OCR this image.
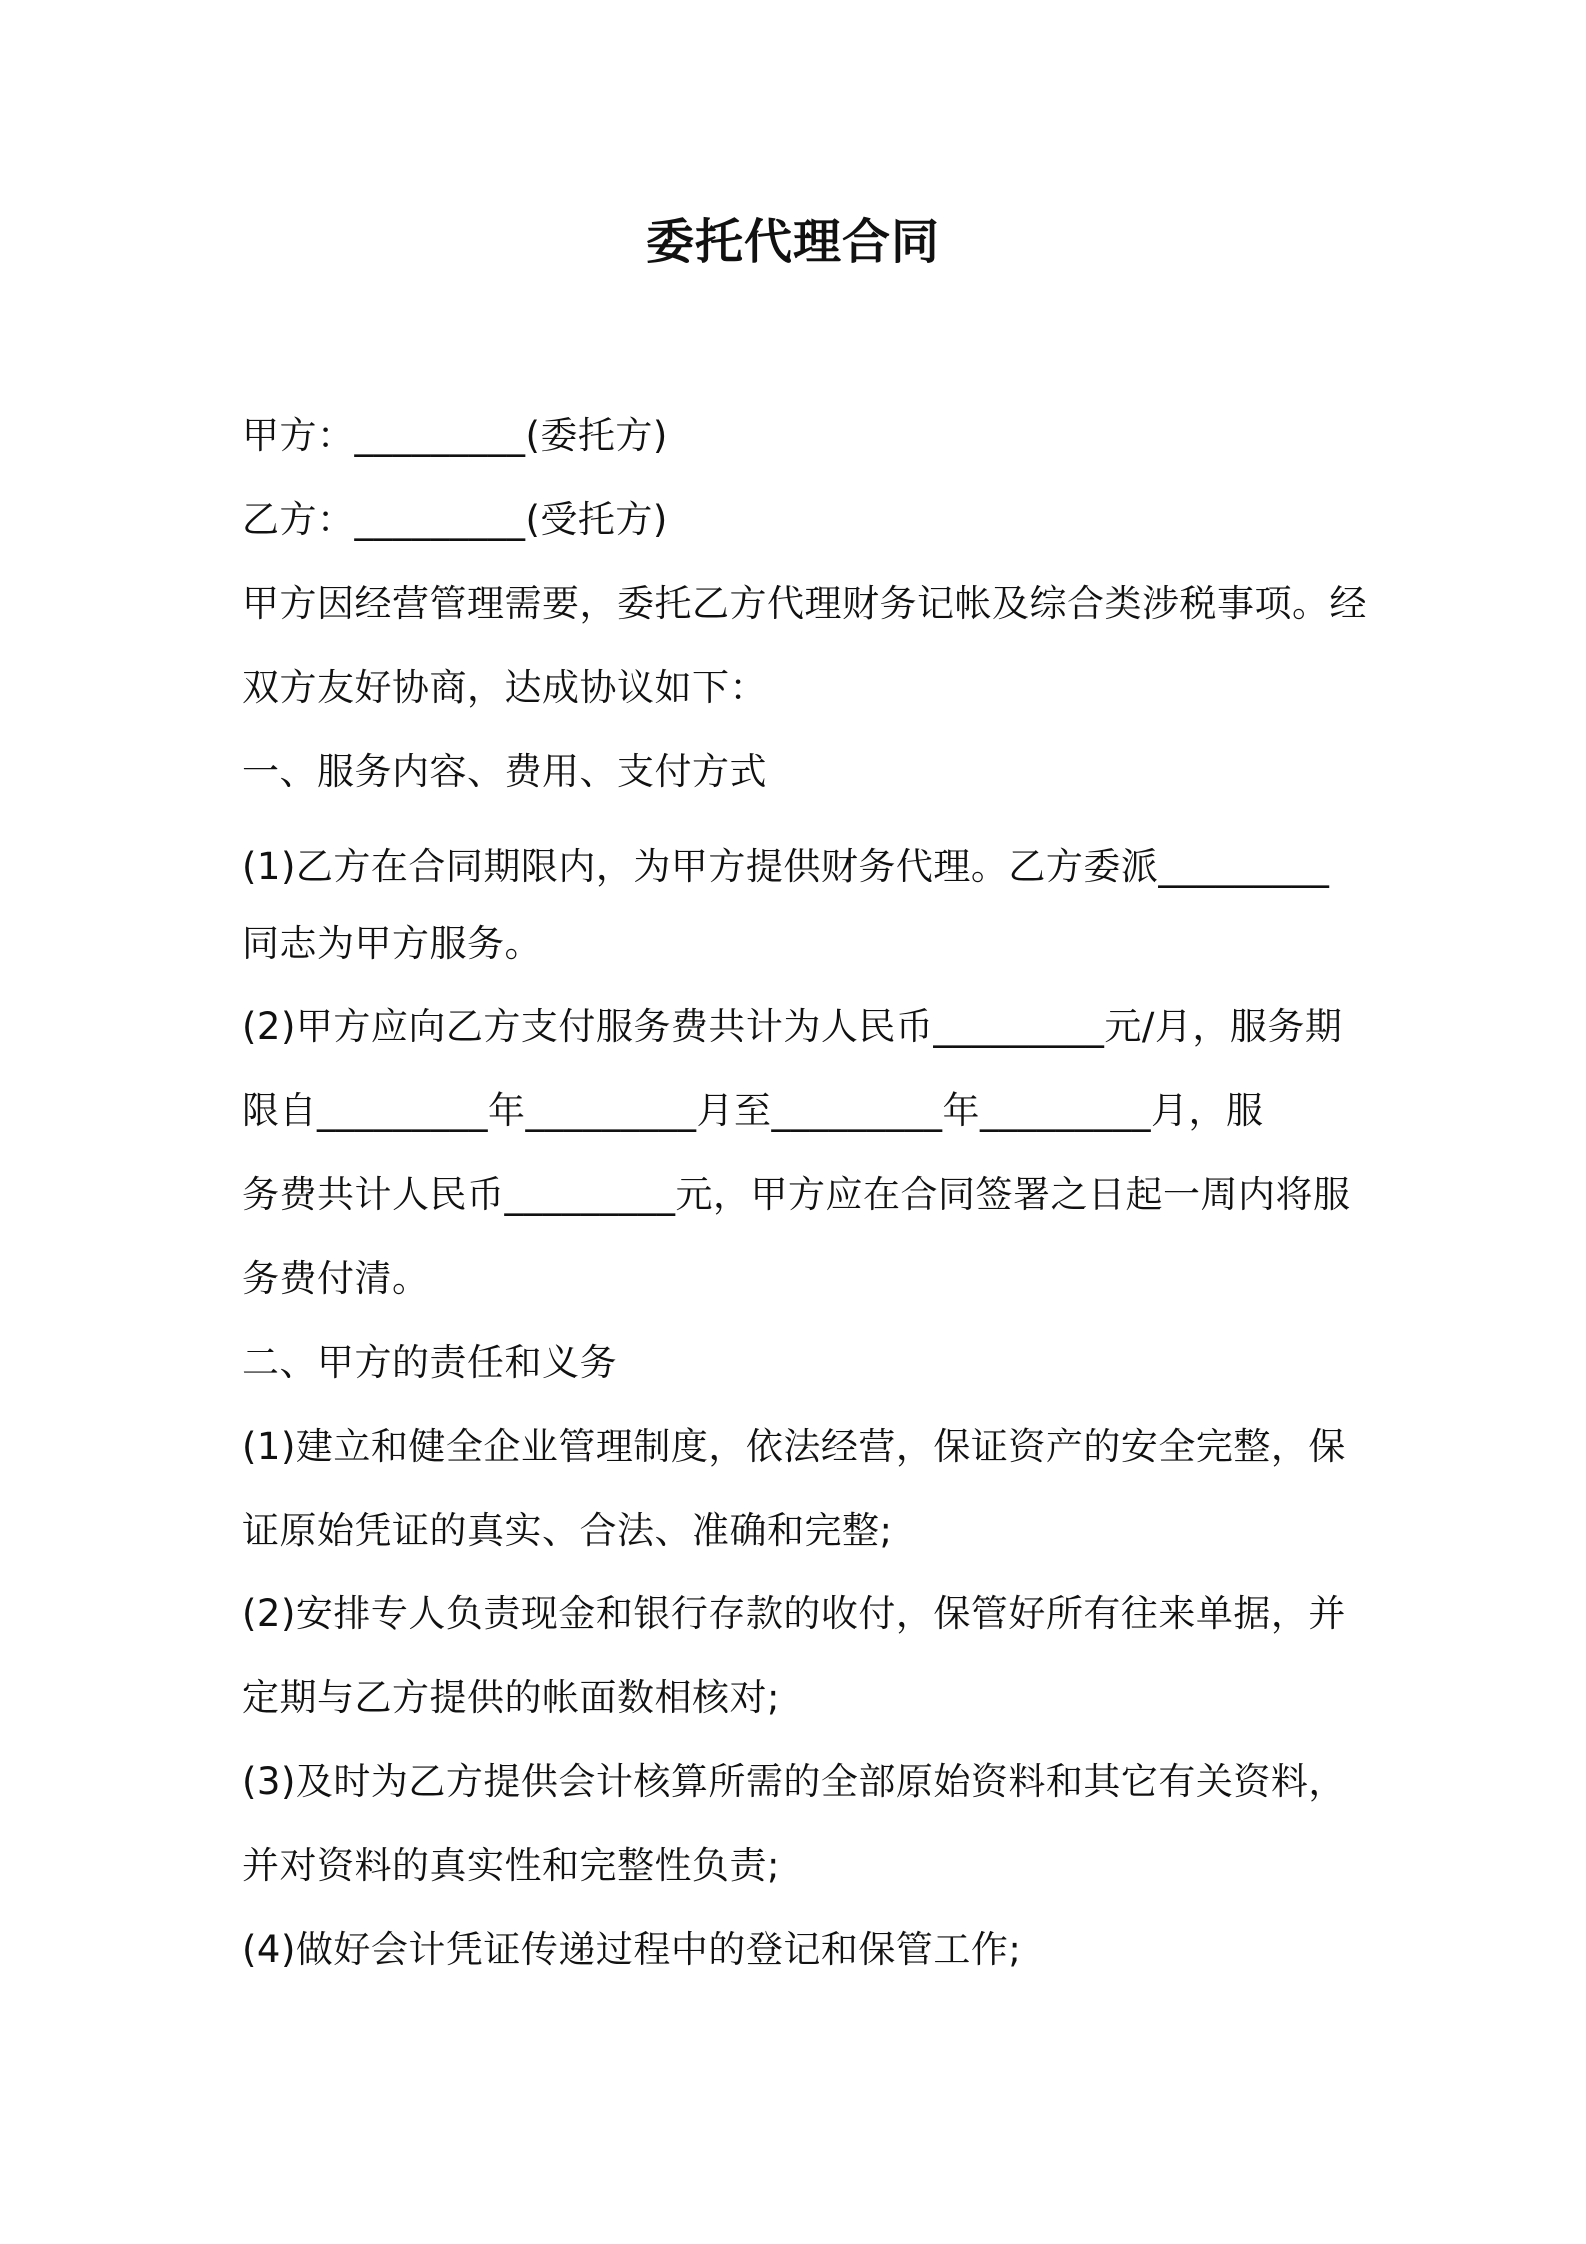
委托代理合同
甲方：_________(委托方)
乙方：_________(受托方)
甲方因经营管理需要，委托乙方代理财务记帐及综合类涉税事项。经
双方友好协商，达成协议如下：
一、服务内容、费用、支付方式
(1)乙方在合同期限内，为甲方提供财务代理。乙方委派_________
同志为甲方服务。
(2)甲方应向乙方支付服务费共计为人民币_________元/月，服务期
限自_________年_________月至_________年_________月，服
务费共计人民币_________元，甲方应在合同签署之日起一周内将服
务费付清。
二、甲方的责任和义务
(1)建立和健全企业管理制度，依法经营，保证资产的安全完整，保
证原始凭证的真实、合法、准确和完整;
(2)安排专人负责现金和银行存款的收付，保管好所有往来单据，并
定期与乙方提供的帐面数相核对;
(3)及时为乙方提供会计核算所需的全部原始资料和其它有关资料，
并对资料的真实性和完整性负责;
(4)做好会计凭证传递过程中的登记和保管工作;
